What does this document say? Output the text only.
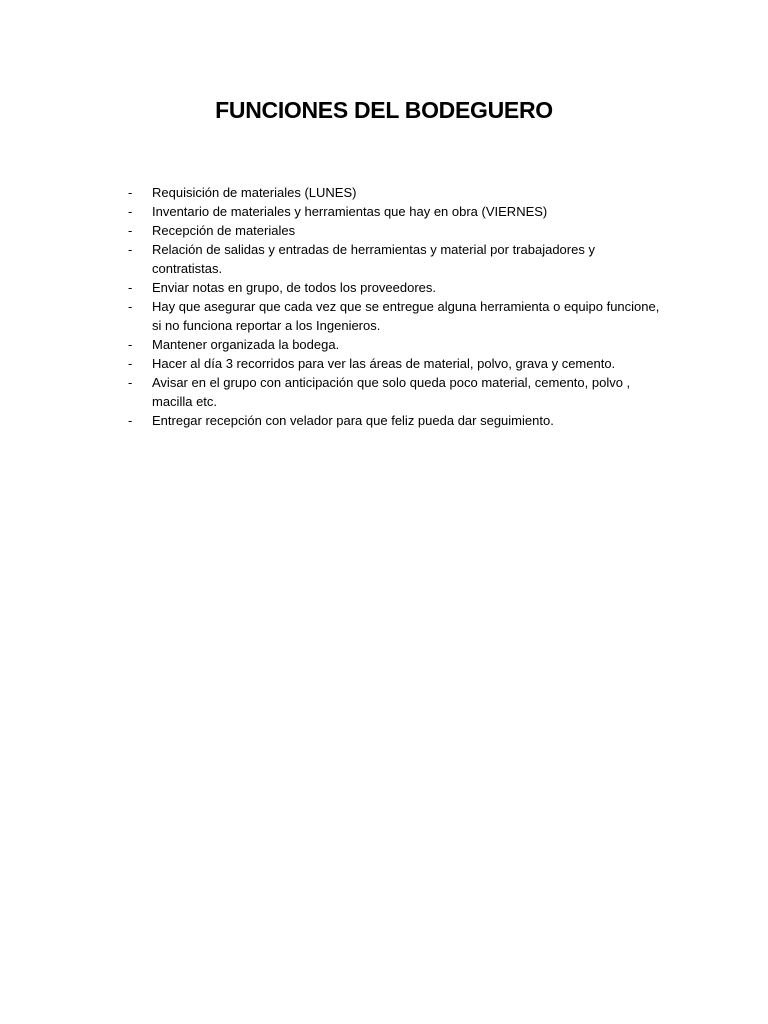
FUNCIONES DEL BODEGUERO
-	Requisición de materiales (LUNES)
-	Inventario de materiales y herramientas que hay en obra (VIERNES)
-	Recepción de materiales
-	Relación de salidas y entradas de herramientas y material por trabajadores y contratistas.
-	Enviar notas en grupo, de todos los proveedores.
-	Hay que asegurar que cada vez que se entregue alguna herramienta o equipo funcione, si no funciona reportar a los Ingenieros.
-	Mantener organizada la bodega.
-	Hacer al día 3 recorridos para ver las áreas de material, polvo, grava y cemento.
-	Avisar en el grupo con anticipación que solo queda poco material, cemento, polvo , macilla etc.
-	Entregar recepción con velador para que feliz pueda dar seguimiento.
